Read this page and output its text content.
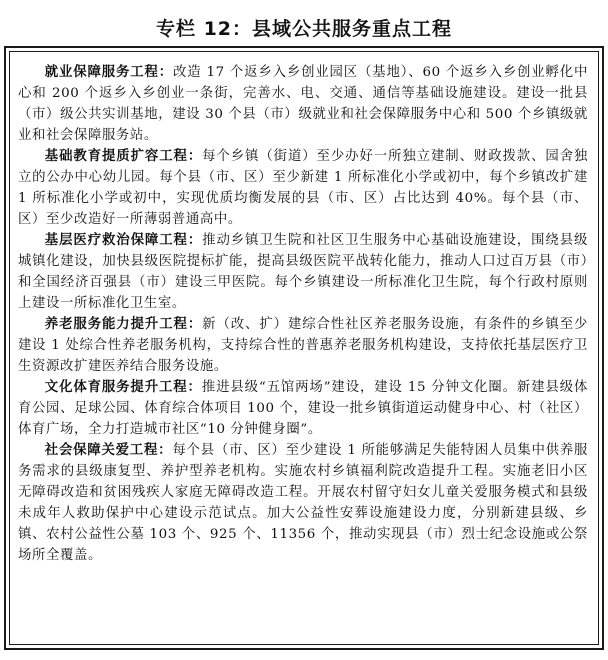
专栏 12：县域公共服务重点工程

就业保障服务工程：改造 17 个返乡入乡创业园区（基地）、60 个返乡入乡创业孵化中心和 200 个返乡入乡创业一条街，完善水、电、交通、通信等基础设施建设。建设一批县（市）级公共实训基地，建设 30 个县（市）级就业和社会保障服务中心和 500 个乡镇级就业和社会保障服务站。

基础教育提质扩容工程：每个乡镇（街道）至少办好一所独立建制、财政拨款、园舍独立的公办中心幼儿园。每个县（市、区）至少新建 1 所标准化小学或初中，每个乡镇改扩建 1 所标准化小学或初中，实现优质均衡发展的县（市、区）占比达到 40%。每个县（市、区）至少改造好一所薄弱普通高中。

基层医疗救治保障工程：推动乡镇卫生院和社区卫生服务中心基础设施建设，围绕县级城镇化建设，加快县级医院提标扩能，提高县级医院平战转化能力，推动人口过百万县（市）和全国经济百强县（市）建设三甲医院。每个乡镇建设一所标准化卫生院，每个行政村原则上建设一所标准化卫生室。

养老服务能力提升工程：新（改、扩）建综合性社区养老服务设施，有条件的乡镇至少建设 1 处综合性养老服务机构，支持综合性的普惠养老服务机构建设，支持依托基层医疗卫生资源改扩建医养结合服务设施。

文化体育服务提升工程：推进县级“五馆两场”建设，建设 15 分钟文化圈。新建县级体育公园、足球公园、体育综合体项目 100 个，建设一批乡镇街道运动健身中心、村（社区）体育广场，全力打造城市社区“10 分钟健身圈”。

社会保障关爱工程：每个县（市、区）至少建设 1 所能够满足失能特困人员集中供养服务需求的县级康复型、养护型养老机构。实施农村乡镇福利院改造提升工程。实施老旧小区无障碍改造和贫困残疾人家庭无障碍改造工程。开展农村留守妇女儿童关爱服务模式和县级未成年人救助保护中心建设示范试点。加大公益性安葬设施建设力度，分别新建县级、乡镇、农村公益性公墓 103 个、925 个、11356 个，推动实现县（市）烈士纪念设施或公祭场所全覆盖。
